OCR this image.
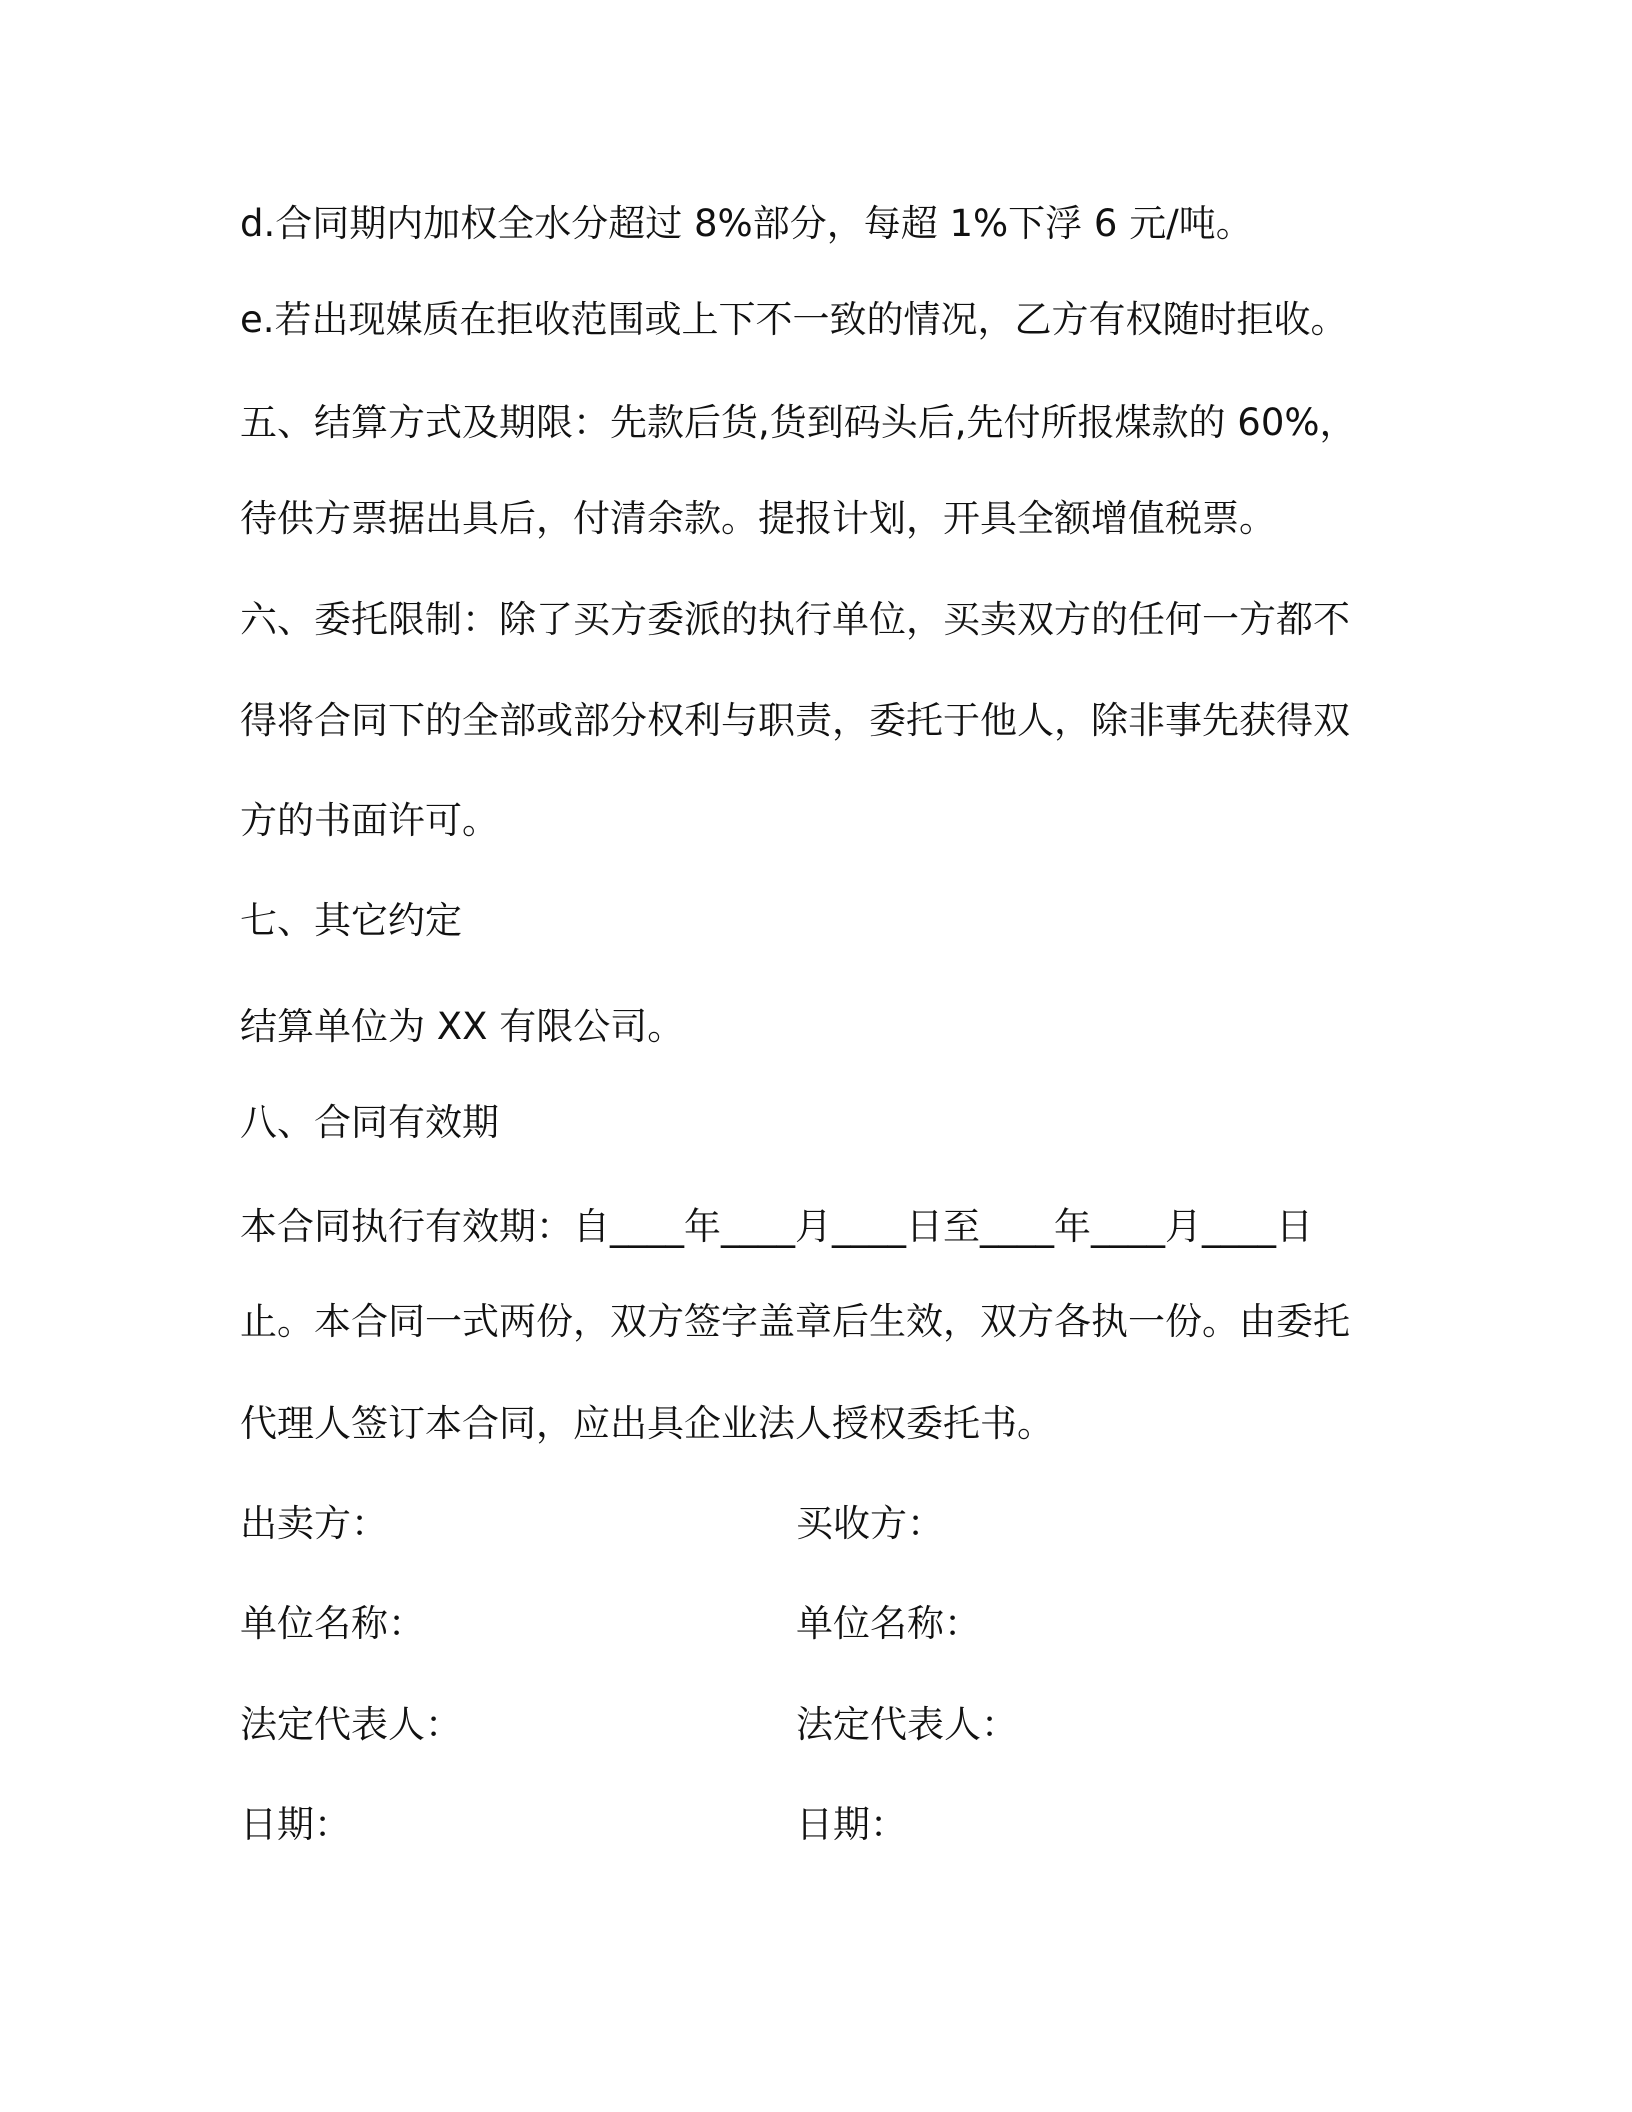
d.合同期内加权全水分超过 8%部分，每超 1%下浮 6 元/吨。
e.若出现媒质在拒收范围或上下不一致的情况，乙方有权随时拒收。
五、结算方式及期限：先款后货,货到码头后,先付所报煤款的 60%，
待供方票据出具后，付清余款。提报计划，开具全额增值税票。
六、委托限制：除了买方委派的执行单位，买卖双方的任何一方都不
得将合同下的全部或部分权利与职责，委托于他人，除非事先获得双
方的书面许可。
七、其它约定
结算单位为 XX 有限公司。
八、合同有效期
本合同执行有效期：自____年____月____日至____年____月____日
止。本合同一式两份，双方签字盖章后生效，双方各执一份。由委托
代理人签订本合同，应出具企业法人授权委托书。
出卖方：	买收方：
单位名称：	单位名称：
法定代表人：	法定代表人：
日期：	日期：
